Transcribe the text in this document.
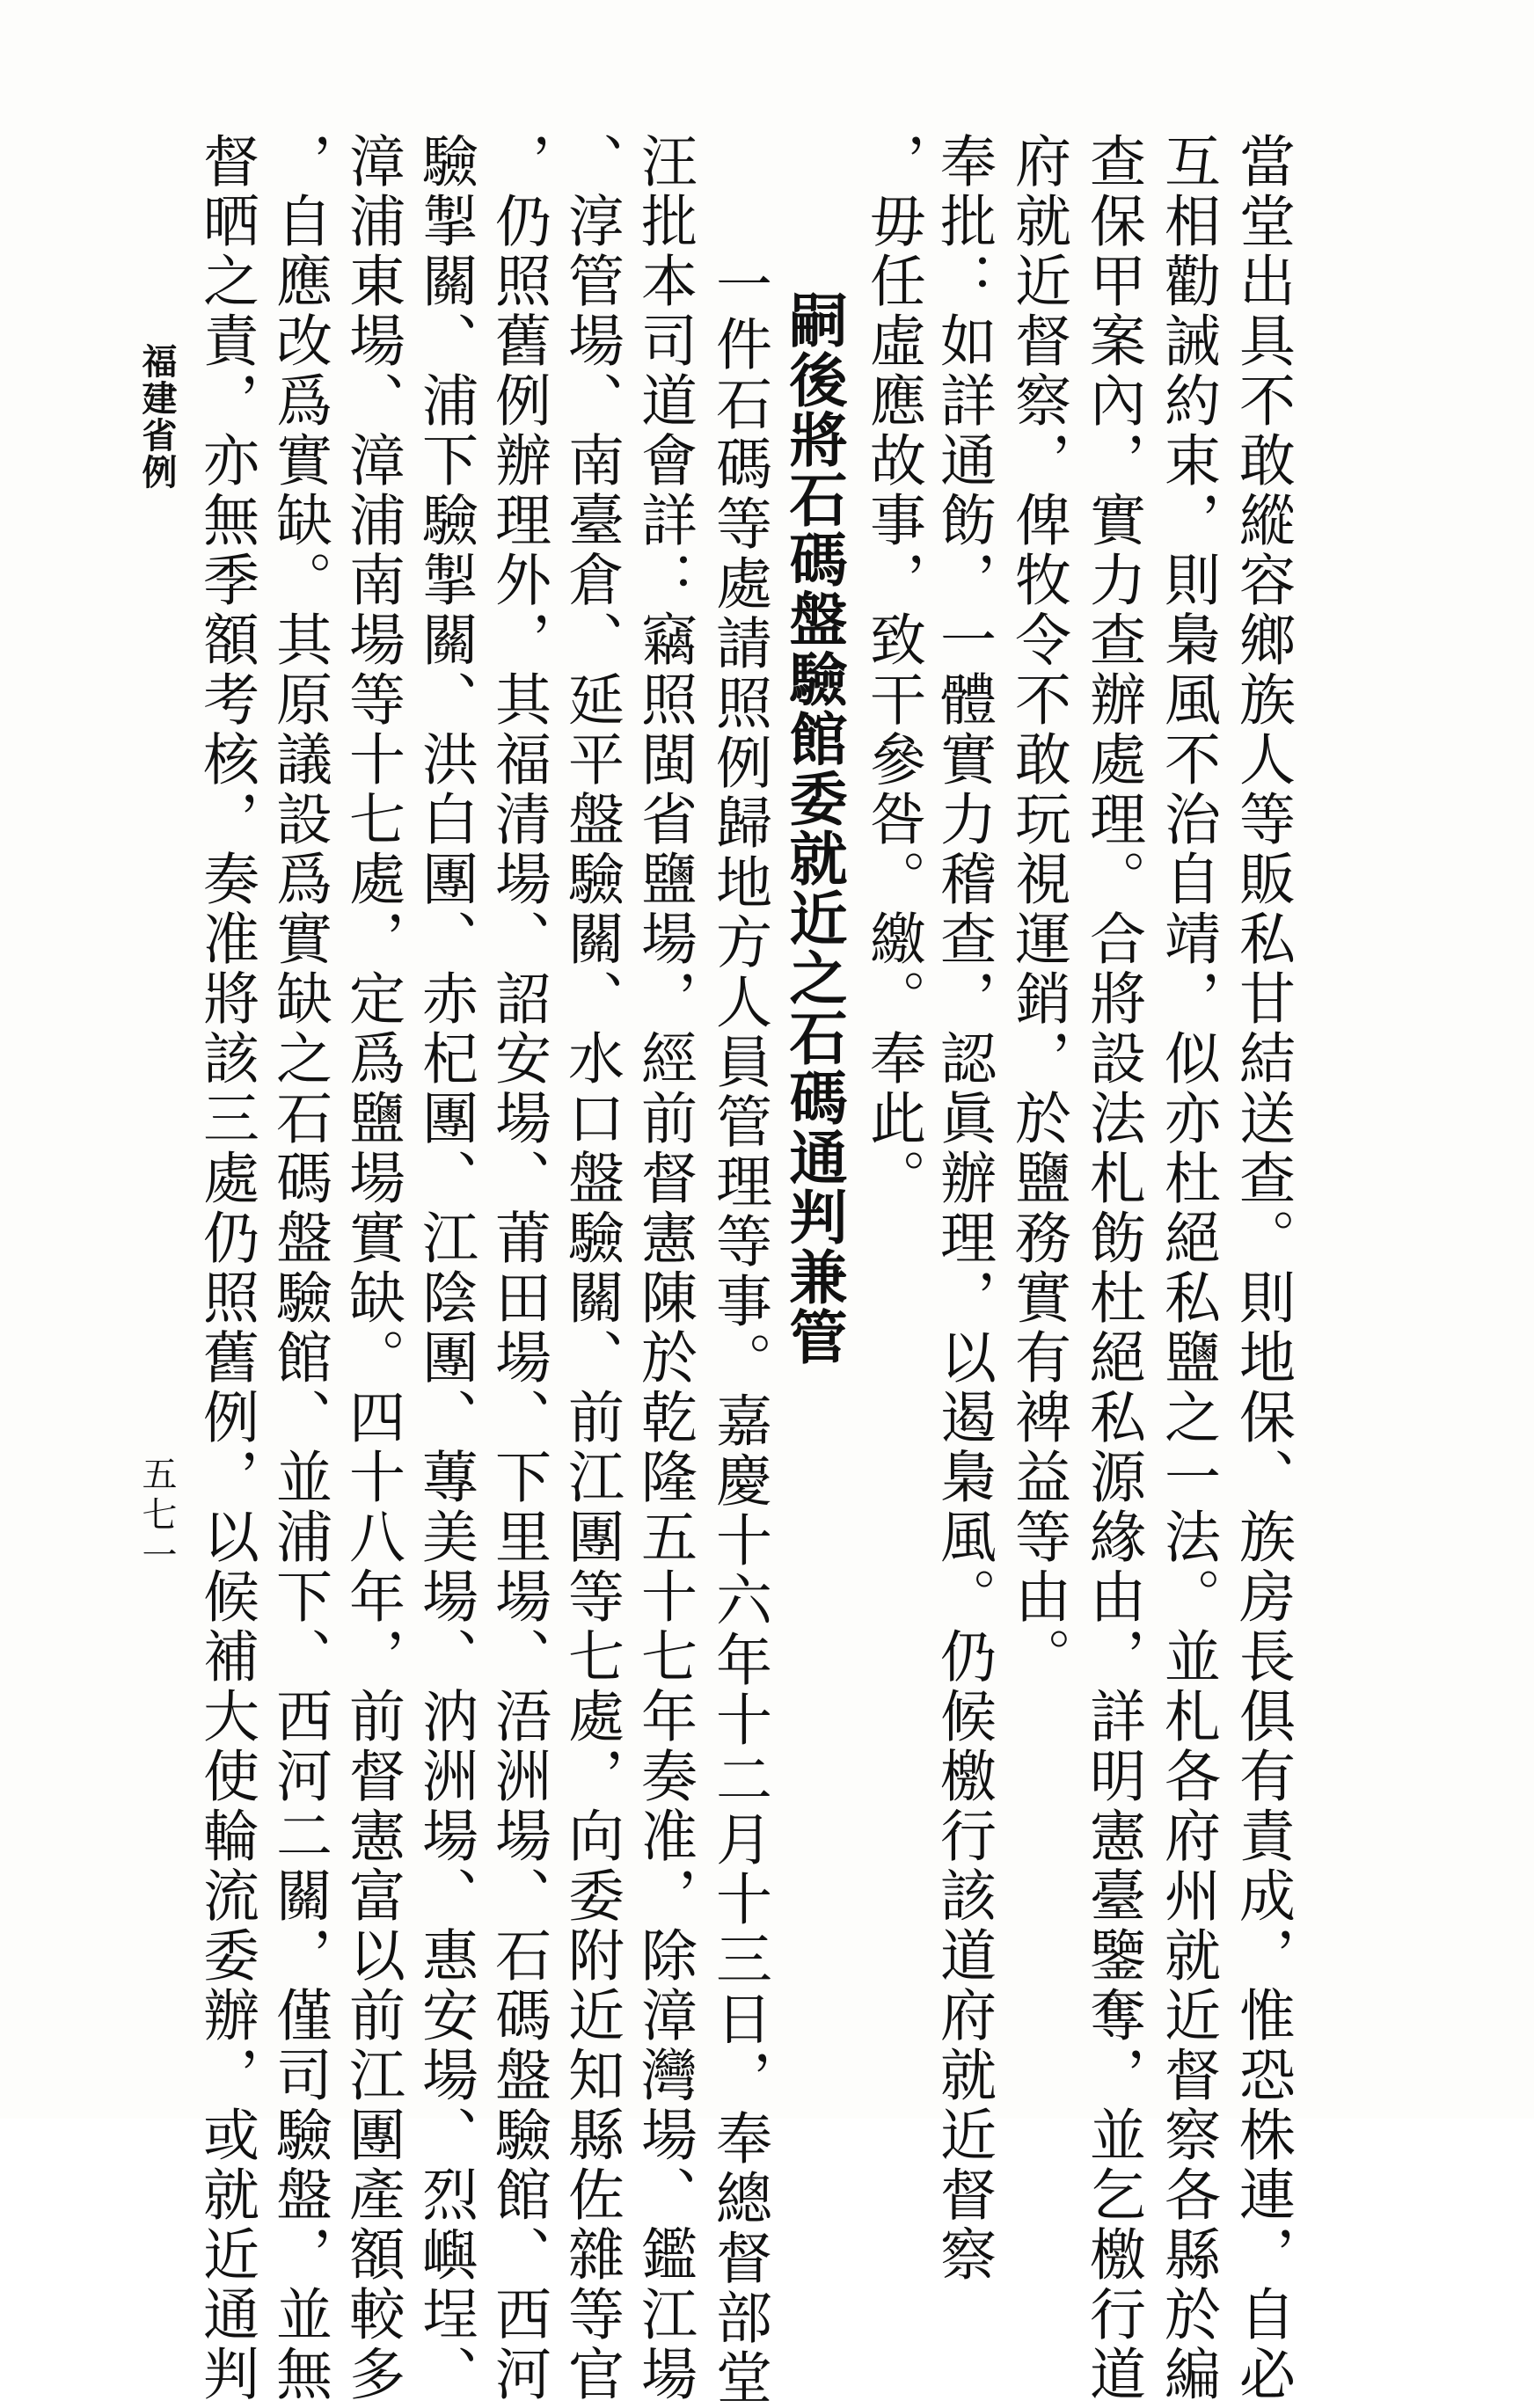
當堂出具不敢縱容鄉族人等販私甘結送查。則地保、族房長俱有責成，惟恐株連，自必
互相勸誡約束，則梟風不治自靖，似亦杜絕私鹽之一法。並札各府州就近督察各縣於編
查保甲案內，實力查辦處理。合將設法札飭杜絕私源緣由，詳明憲臺鑒奪，並乞檄行道
府就近督察，俾牧令不敢玩視運銷，於鹽務實有裨益等由。
奉批：如詳通飭，一體實力稽查，認眞辦理，以遏梟風。仍候檄行該道府就近督察
，毋任虛應故事，致干參咎。繳。奉此。
嗣後將石碼盤驗館委就近之石碼通判兼管
一件石碼等處請照例歸地方人員管理等事。嘉慶十六年十二月十三日，奉總督部堂
汪批本司道會詳：竊照閩省鹽場，經前督憲陳於乾隆五十七年奏准，除漳灣場、鑑江場
、淳管場、南臺倉、延平盤驗關、水口盤驗關、前江團等七處，向委附近知縣佐雜等官
，仍照舊例辦理外，其福清場、詔安場、莆田場、下里場、浯洲場、石碼盤驗館、西河
驗掣關、浦下驗掣關、洪白團、赤杞團、江陰團、蓴美場、汭洲場、惠安場、烈嶼埕、
漳浦東場、漳浦南場等十七處，定爲鹽場實缺。四十八年，前督憲富以前江團產額較多
，自應改爲實缺。其原議設爲實缺之石碼盤驗館、並浦下、西河二關，僅司驗盤，並無
督晒之責，亦無季額考核，奏准將該三處仍照舊例，以候補大使輪流委辦，或就近通判
福建省例
五七一
